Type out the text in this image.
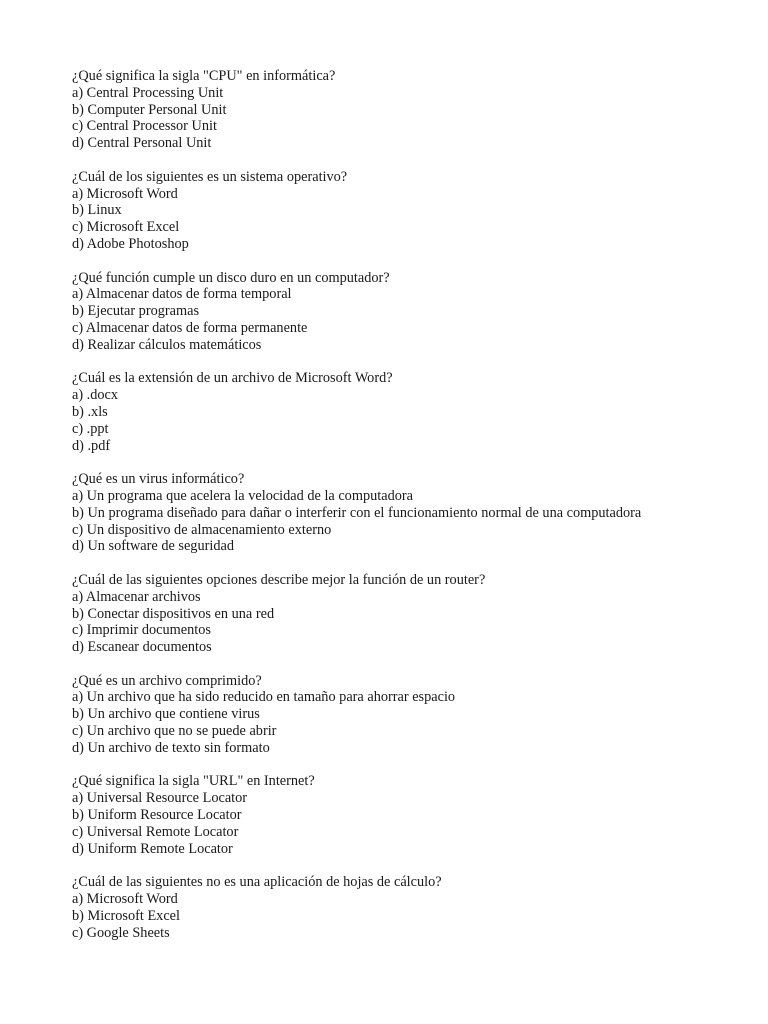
¿Qué significa la sigla "CPU" en informática?
a) Central Processing Unit
b) Computer Personal Unit
c) Central Processor Unit
d) Central Personal Unit
¿Cuál de los siguientes es un sistema operativo?
a) Microsoft Word
b) Linux
c) Microsoft Excel
d) Adobe Photoshop
¿Qué función cumple un disco duro en un computador?
a) Almacenar datos de forma temporal
b) Ejecutar programas
c) Almacenar datos de forma permanente
d) Realizar cálculos matemáticos
¿Cuál es la extensión de un archivo de Microsoft Word?
a) .docx
b) .xls
c) .ppt
d) .pdf
¿Qué es un virus informático?
a) Un programa que acelera la velocidad de la computadora
b) Un programa diseñado para dañar o interferir con el funcionamiento normal de una computadora
c) Un dispositivo de almacenamiento externo
d) Un software de seguridad
¿Cuál de las siguientes opciones describe mejor la función de un router?
a) Almacenar archivos
b) Conectar dispositivos en una red
c) Imprimir documentos
d) Escanear documentos
¿Qué es un archivo comprimido?
a) Un archivo que ha sido reducido en tamaño para ahorrar espacio
b) Un archivo que contiene virus
c) Un archivo que no se puede abrir
d) Un archivo de texto sin formato
¿Qué significa la sigla "URL" en Internet?
a) Universal Resource Locator
b) Uniform Resource Locator
c) Universal Remote Locator
d) Uniform Remote Locator
¿Cuál de las siguientes no es una aplicación de hojas de cálculo?
a) Microsoft Word
b) Microsoft Excel
c) Google Sheets
